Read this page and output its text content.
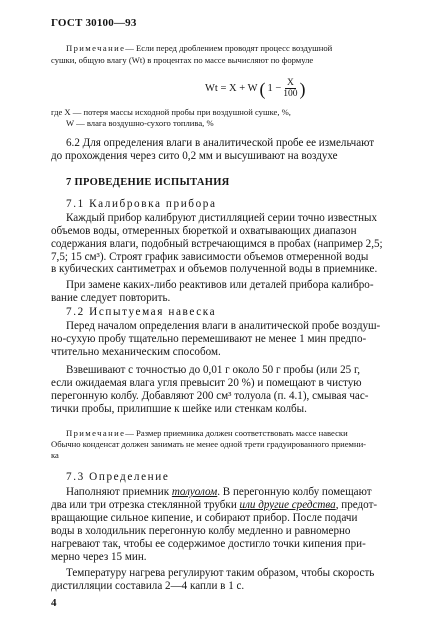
ГОСТ 30100—93
Примечание— Если перед дроблением проводят процесс воздушной
сушки, общую влагу (Wt) в процентах по массе вычисляют по формуле
Wt = X + W ( $1 - \frac{X}{100}$ )
где X — потеря массы исходной пробы при воздушной сушке, %,
W — влага воздушно-сухого топлива, %
6.2 Для определения влаги в аналитической пробе ее измельчают
до прохождения через сито 0,2 мм и высушивают на воздухе
7 ПРОВЕДЕНИЕ ИСПЫТАНИЯ
7.1 Калибровка прибора
Каждый прибор калибруют дистилляцией серии точно известных
объемов воды, отмеренных бюреткой и охватывающих диапазон
содержания влаги, подобный встречающимся в пробах (например 2,5;
7,5; 15 см³). Строят график зависимости объемов отмеренной воды
в кубических сантиметрах и объемов полученной воды в приемнике.
При замене каких-либо реактивов или деталей прибора калибро-
вание следует повторить.
7.2 Испытуемая навеска
Перед началом определения влаги в аналитической пробе воздуш-
но-сухую пробу тщательно перемешивают не менее 1 мин предпо-
чтительно механическим способом.
Взвешивают с точностью до 0,01 г около 50 г пробы (или 25 г,
если ожидаемая влага угля превысит 20 %) и помещают в чистую
перегонную колбу. Добавляют 200 см³ толуола (п. 4.1), смывая час-
тички пробы, прилипшие к шейке или стенкам колбы.
Примечание— Размер приемника должен соответствовать массе навески
Обычно конденсат должен занимать не менее одной трети градуированного приемни-
ка
7.3 Определение
Наполняют приемник толуолом. В перегонную колбу помещают
два или три отрезка стеклянной трубки или другие средства, предот-
вращающие сильное кипение, и собирают прибор. После подачи
воды в холодильник перегонную колбу медленно и равномерно
нагревают так, чтобы ее содержимое достигло точки кипения при-
мерно через 15 мин.
Температуру нагрева регулируют таким образом, чтобы скорость
дистилляции составила 2—4 капли в 1 с.
4
